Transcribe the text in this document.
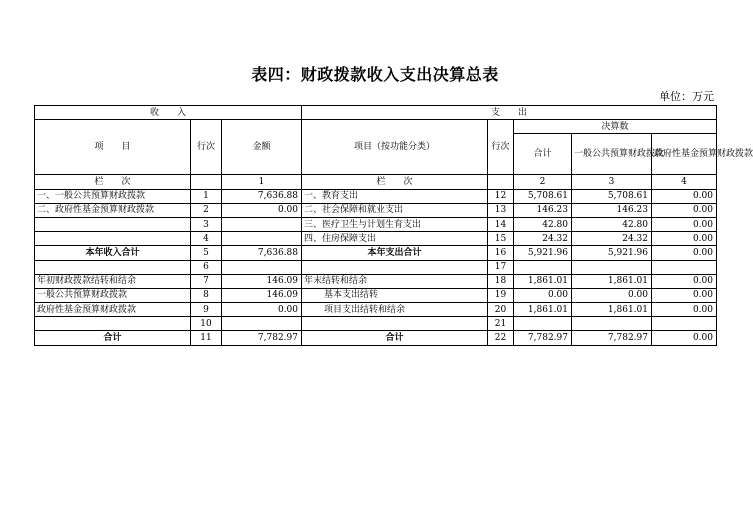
表四：财政拨款收入支出决算总表
单位：万元
收　　入			支　　出				
项　　目	行次	金额	项目（按功能分类）	行次	决算数		
					合计	一般公共预算财政拨款	政府性基金预算财政拨款
栏　　次		1	栏　　次		2	3	4
一、一般公共预算财政拨款	1	7,636.88	一、教育支出	12	5,708.61	5,708.61	0.00
二、政府性基金预算财政拨款	2	0.00	二、社会保障和就业支出	13	146.23	146.23	0.00
	3		三、医疗卫生与计划生育支出	14	42.80	42.80	0.00
	4		四、住房保障支出	15	24.32	24.32	0.00
本年收入合计	5	7,636.88	本年支出合计	16	5,921.96	5,921.96	0.00
	6			17			
年初财政拨款结转和结余	7	146.09	年末结转和结余	18	1,861.01	1,861.01	0.00
一般公共预算财政拨款	8	146.09	基本支出结转	19	0.00	0.00	0.00
政府性基金预算财政拨款	9	0.00	项目支出结转和结余	20	1,861.01	1,861.01	0.00
	10			21			
合计	11	7,782.97	合计	22	7,782.97	7,782.97	0.00
